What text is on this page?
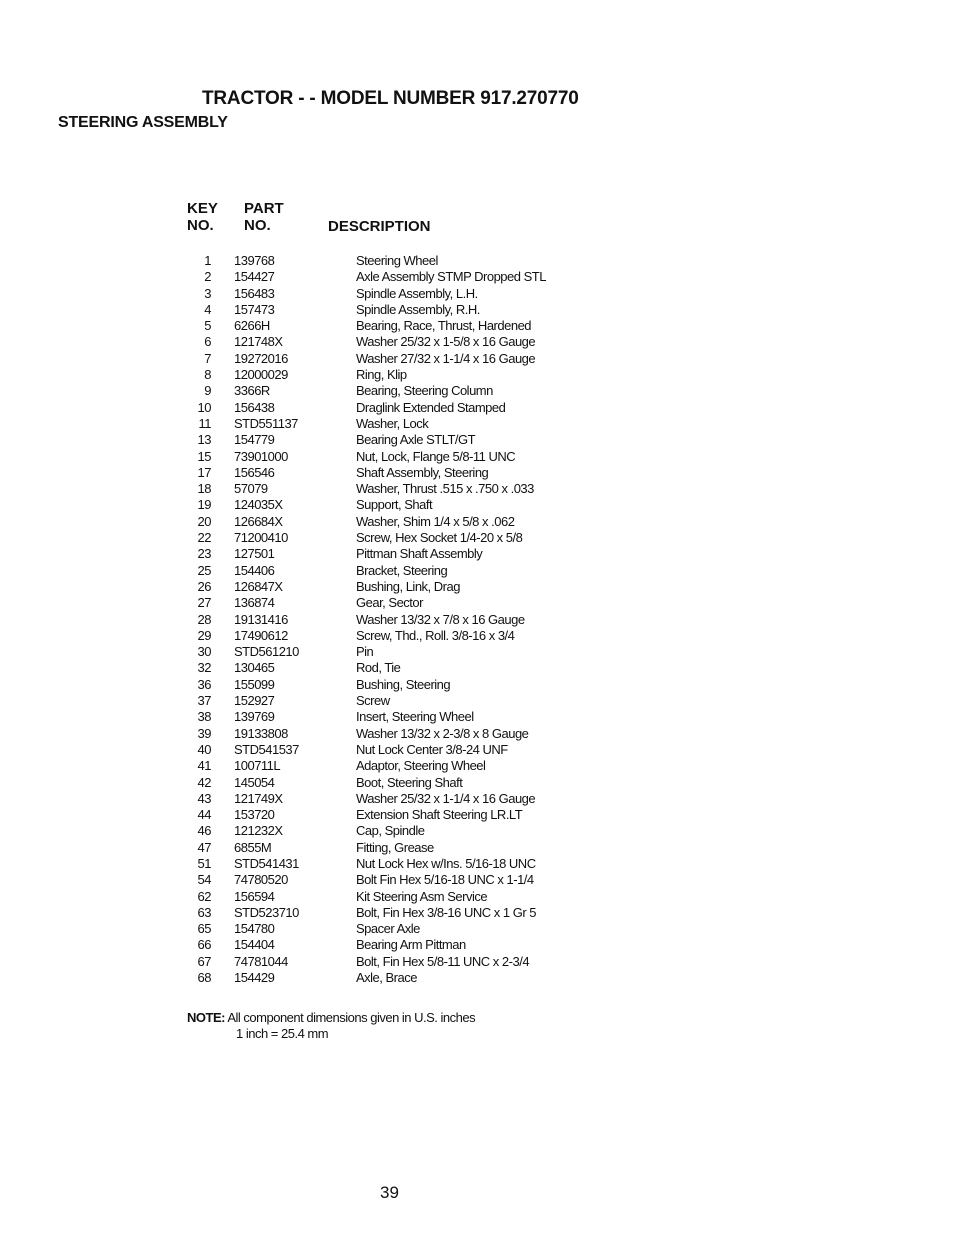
TRACTOR - - MODEL NUMBER 917.270770
STEERING ASSEMBLY
KEY
NO.
PART
NO.	DESCRIPTION
1	139768	Steering Wheel
2	154427	Axle Assembly STMP Dropped STL
3	156483	Spindle Assembly, L.H.
4	157473	Spindle Assembly, R.H.
5	6266H	Bearing, Race, Thrust, Hardened
6	121748X	Washer 25/32 x 1-5/8 x 16 Gauge
7	19272016	Washer 27/32 x 1-1/4 x 16 Gauge
8	12000029	Ring, Klip
9	3366R	Bearing, Steering Column
10	156438	Draglink Extended Stamped
11	STD551137	Washer, Lock
13	154779	Bearing Axle STLT/GT
15	73901000	Nut, Lock, Flange 5/8-11 UNC
17	156546	Shaft Assembly, Steering
18	57079	Washer, Thrust .515 x .750 x .033
19	124035X	Support, Shaft
20	126684X	Washer, Shim 1/4 x 5/8 x .062
22	71200410	Screw, Hex Socket 1/4-20 x 5/8
23	127501	Pittman Shaft Assembly
25	154406	Bracket, Steering
26	126847X	Bushing, Link, Drag
27	136874	Gear, Sector
28	19131416	Washer 13/32 x 7/8 x 16 Gauge
29	17490612	Screw, Thd., Roll. 3/8-16 x 3/4
30	STD561210	Pin
32	130465	Rod, Tie
36	155099	Bushing, Steering
37	152927	Screw
38	139769	Insert, Steering Wheel
39	19133808	Washer 13/32 x 2-3/8 x 8 Gauge
40	STD541537	Nut Lock Center 3/8-24 UNF
41	100711L	Adaptor, Steering Wheel
42	145054	Boot, Steering Shaft
43	121749X	Washer 25/32 x 1-1/4 x 16 Gauge
44	153720	Extension Shaft Steering LR.LT
46	121232X	Cap, Spindle
47	6855M	Fitting, Grease
51	STD541431	Nut Lock Hex w/Ins. 5/16-18 UNC
54	74780520	Bolt Fin Hex 5/16-18 UNC x 1-1/4
62	156594	Kit Steering Asm Service
63	STD523710	Bolt, Fin Hex 3/8-16 UNC x 1 Gr 5
65	154780	Spacer Axle
66	154404	Bearing Arm Pittman
67	74781044	Bolt, Fin Hex 5/8-11 UNC x 2-3/4
68	154429	Axle, Brace
NOTE: All component dimensions given in U.S. inches
1 inch = 25.4 mm
39
